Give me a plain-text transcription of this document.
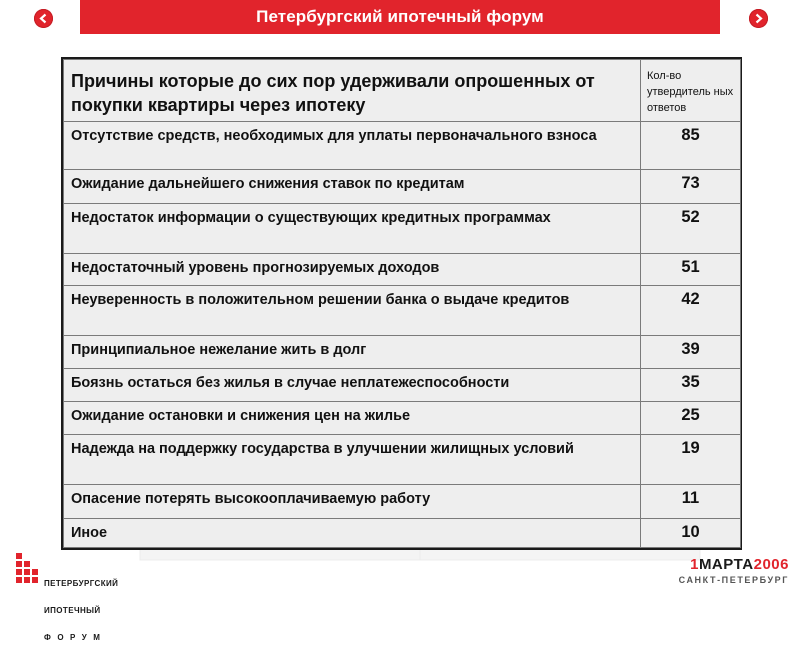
Петербургский ипотечный форум
Причины которые до сих пор удерживали опрошенных от покупки квартиры через ипотеку	Кол-во утвердитель ных ответов
Отсутствие средств, необходимых для уплаты первоначального взноса	85
Ожидание дальнейшего снижения ставок по кредитам	73
Недостаток информации о существующих кредитных программах	52
Недостаточный уровень прогнозируемых доходов	51
Неуверенность в положительном решении банка о выдаче кредитов	42
Принципиальное нежелание жить в долг	39
Боязнь остаться без жилья в случае неплатежеспособности	35
Ожидание остановки и снижения цен на жилье	25
Надежда на поддержку государства в улучшении жилищных условий	19
Опасение потерять высокооплачиваемую работу	11
Иное	10

ПЕТЕРБУРГСКИЙ

ИПОТЕЧНЫЙ

ФОРУМ

1МАРТА2006
САНКТ-ПЕТЕРБУРГ
